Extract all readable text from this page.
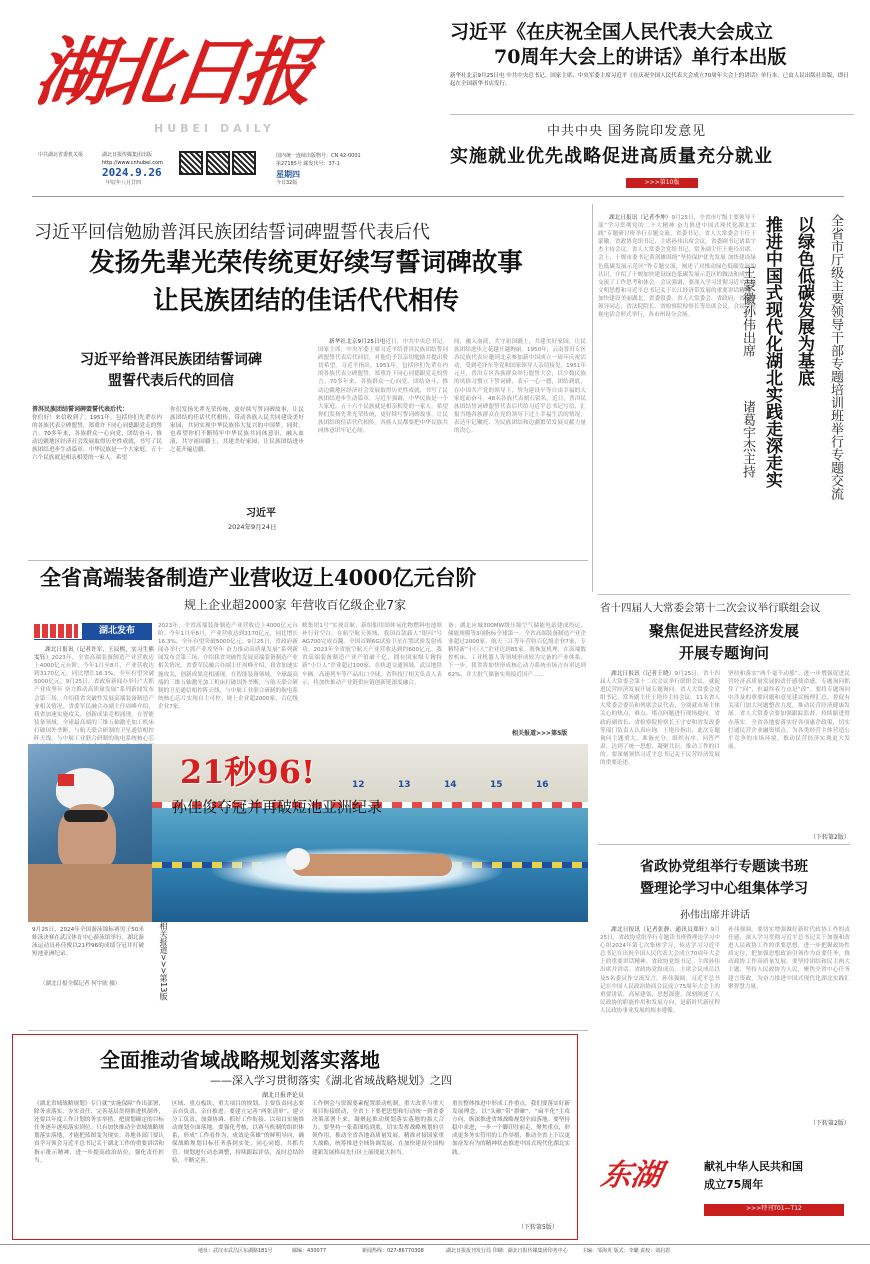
湖北日报
HUBEI DAILY
中共湖北省委机关报	湖北日报传媒集团出版
http://www.cnhubei.com
2024.9.26
甲辰年八月廿四
国内统一连续出版物号：CN 42-0001
第27185号 邮发代号：37-1
星期四
今日32版
习近平《在庆祝全国人民代表大会成立
70周年大会上的讲话》单行本出版
新华社北京9月25日电 中共中央总书记、国家主席、中央军委主席习近平《在庆祝全国人民代表大会成立70周年大会上的讲话》单行本，已由人民出版社出版，即日起在全国新华书店发行。
中共中央 国务院印发意见
实施就业优先战略促进高质量充分就业
>>>第10版
习近平回信勉励普洱民族团结誓词碑盟誓代表后代
发扬先辈光荣传统更好续写誓词碑故事
让民族团结的佳话代代相传
习近平给普洱民族团结誓词碑
盟誓代表后代的回信
普洱民族团结誓词碑盟誓代表后代：
你们好！来信收到了。1951年，包括你们先辈在内的各族代表立碑盟誓，郑重许下同心同德跟党走的誓言。70多年来，各族群众一心向党、团结奋斗，推动边疆地区经济社会发展取得历史性成就，书写了民族团结进步生动篇章。中华民族是一个大家庭，五十六个民族就是相亲相爱的一家人。希望
你们发扬先辈光荣传统，更好续写誓词碑故事，让民族团结的佳话代代相传，带动各族人民共同建设美好家园，共同实现中华民族伟大复兴的中国梦。同时，也希望你们不断铸牢中华民族共同体意识，融入血液，共守祖国疆土，共建美好家园，让民族团结进步之花开遍边疆。
习近平
2024年9月24日

新华社北京9月25日电近日，中共中央总书记、国家主席、中央军委主席习近平给普洱民族团结誓词碑盟誓代表后代回信，对他们予以亲切勉励并提出殷切希望。习近平指出，1951年，包括你们先辈在内的各族代表立碑盟誓，郑重许下同心同德跟党走的誓言。70多年来，各族群众一心向党、团结奋斗，推动边疆地区经济社会发展取得历史性成就，书写了民族团结进步生动篇章。习近平强调，中华民族是一个大家庭，五十六个民族就是相亲相爱的一家人。希望你们发扬先辈光荣传统，更好续写誓词碑故事，让民族团结的佳话代代相传。各族人民都要把中华民族共同体意识牢记心间。

间，融入血液，共守祖国疆土，共建美好家园，让民族团结进步之花越开越绚丽。1950年，云南普洱专区各民族代表应邀到北京参加新中国成立一周年庆祝活动，受到毛泽东等党和国家领导人亲切接见。1951年元旦，普洱专区各族群众举行盟誓大会，以少数民族的风俗习惯立下誓词碑，表示一心一德，团结到底，在中国共产党的领导下，誓为建设平等自由幸福的大家庭而奋斗。48名各族代表刻石留名。近日，普洱民族团结誓词碑盟誓代表后代给习近平总书记写信，汇报当地各族群众在党的领导下过上幸福生活的情况，表达牢记嘱托、为民族团结和边疆繁荣发展贡献力量的决心。

湖北日报讯（记者李坤）9月25日，全省市厅级主要领导干部“学习贯彻党的二十大精神 奋力推进中国式现代化湖北实践”专题研讨班举行专题交流。省委书记、省人大常委会主任王蒙徽，省政协党组书记、主席孙伟出席会议。省委副书记诸葛宇杰主持会议。省人大常委会党组书记、常务副主任王艳玲出席。会上，十堰市委书记黄剑雄围绕“坚持保护优先发展 加快建设绿色低碳发展示范区”作专题交流，阐述了对推动绿色低碳发展的认识，介绍了十堰加快建设绿色低碳发展示范区的做法和成效，交流了工作思考和体会。会议强调，要深入学习贯彻习近平生态文明思想和习近平总书记关于长江经济带发展的重要讲话精神，加快建设美丽湖北。省委常委、省人大常委会、省政府、省政协领导同志，省法院院长、省检察院检察长等出席会议。会议以电视电话会形式举行，各市州设分会场。	全省市厅级主要领导干部专题培训班举行专题交流
以绿色低碳发展为基底
推进中国式现代化湖北实践走深走实
王蒙徽孙伟出席
诸葛宇杰主持
全省高端装备制造产业营收迈上4000亿元台阶
规上企业超2000家 年营收百亿级企业7家
湖北发布

湖北日报讯（记者许军、王辰熙，实习生熊雯钰）2023年，全省高端装备制造产业营收迈上4000亿元台阶。今年1月至8月，产业营收达到3170亿元，同比增长16.3%，全年有望突破5000亿元。9月25日，省政府新闻办举行“大抓产业攻坚年 奋力推动高质量发展”系列新闻发布会第三场，介绍我省突破性发展高端装备制造产业相关情况。省委军民融合办副主任周峰介绍，我省加速实施攻关，创新成果竞相涌现。在智能装备领域，全球最高端的三维五轴激光加工机床打破国外垄断，与航天联合研制的卫星通信相控阵天线、与中航工业联合研制的航电系统核心芯

2023年，全省高端装备制造产业营收迈上4000亿元台阶。今年1月至8月，产业营收达到3170亿元，同比增长16.3%，全年有望突破5000亿元。9月25日，省政府新闻办举行“大抓产业攻坚年 奋力推动高质量发展”系列新闻发布会第三场，介绍我省突破性发展高端装备制造产业相关情况。省委军民融合办副主任周峰介绍，我省加速实施攻关，创新成果竞相涌现。在智能装备领域，全球最高端的三维五轴激光加工机床打破国外垄断，与航天联合研制的卫星通信相控阵天线、与中航工业联合研制的航电系统核心芯片实现自主可控；规上企业超2000家，百亿级企业7家。
峡集团1号“实现首航；新组船用固体氧化物燃料电池填补行业空白。在航空航天领域，我国首款载人“银河”号AG700完成首翻。全国首颗6G试验卫星在鄂试验发射成功。2023年全省航空航天产业营收达到约600亿元。我省高端装备制造产业产值破千亿，拥有国家级专精特新“小巨人”企业超过100家。在轨道交通领域，武汉地铁车辆、高速列车等产品出口全球。省科技厅相关负责人表示，将加快推动产业链供应链创新链深度融合。
备；湖北应城300MW级压缩空气储能电站建成投运，储能规模等3项指标全球第一。全省高端装备制造产业企业超过2000家，航天三江等年营收百亿级企业7家，专精特新“小巨人”企业达到85家。既恢复机理，在高端数控机床、工业机器人等领域形成较为完备的产业体系。下一步，我省将加快形成核心动力系统市场占有率达到62%，并大批气储备实现接近国产……
相关报道>>>第5版
12	13	14	15	16
21秒96!
孙佳俊夺冠并再破短池亚洲纪录
9月25日，2024年全国游泳锦标赛男子50米蛙泳决赛在武汉体育中心游泳馆举行，湖北游泳运动员孙佳俊以21秒96的成绩夺冠并打破短池亚洲纪录。
（湖北日报全媒记者 何宇欧 摄）	相关报道>>>第13版
全面推动省域战略规划落实落地
——深入学习贯彻落实《湖北省域战略规划》之四
湖北日报评论员
《湖北省域战略规划》专门就“实施保障”作出部署，除务求落实、夯实责任、完善基层贯彻推进机制外，还要以年度工作计划的务实举措，把规划确定的目标任务逐年逐项落实到位。只有加快推动全省域战略规划落实落地，才能把蓝图变为现实。各地各部门要认真学习领会习近平总书记关于湖北工作的重要讲话和指示批示精神，进一步提高政治站位，强化责任担当。
区域、重点板块、重大项目的规划、主要负责同志要亲自负责、亲自推进。要建立完善“两张清单”，建立分工负责、加强协调、抓好工作衔接、以项目实施推动规划全面落地。要强化考核，以赛马机制的组织体系，形成“工作看作为，成效论英雄”的鲜明导向，确保战略规划目标任务落到实处，同心同德，共抓共管。规划进行动态调整，持续跟踪评估，及时总结经验，不断完善。
工作例会与资源要素配置联动机制，重大改革与重大项目衔接联动，全省上下要把思想和行动统一到省委决策部署上来，凝聚起推动规划落实落地的强大合力。要坚持一张蓝图绘到底，切实发挥战略规划的引领作用，推动全省各地高质量发展，精准对接国家重大战略，统筹推进全域协调发展，在加快建设全国构建新发展格局先行区上展现更大担当。
重在整体推进中形成工作重点，我们要落实好新发展理念，以“头雁”带“群雁”，“扁平化”主攻方向，纵深推进省域战略规划全面落地。要坚持稳中求进，一步一个脚印往前走，聚焦重点，形成更多务实管用的工作举措，推动全省上下以更加奋发有为的精神状态推进中国式现代化湖北实践。
（下转第5版）
省十四届人大常委会第十二次会议举行联组会议
聚焦促进民营经济发展
开展专题询问

湖北日报讯（记者王晓）9月25日，省十四届人大常委会第十二次会议举行联组会议，就促进民营经济发展开展专题询问。省人大常委会党组书记、常务副主任王艳玲主持会议。11名省人大常委会委员和列席会议代表，分别就市场主体关心的热点、难点、堵点问题进行现场提问。省政府副省长、省检察院检察长王守安和省发改委等部门负责人认真应询。王艳玲指出，此次专题询问主题重大、准备充分，组织有序、问答严肃，达到了统一思想、凝聚共识、推动工作的目的。要深刻领悟习近平总书记关于民营经济发展的重要论述。

坚持和落实“两个毫不动摇”，进一步增强促进民营经济高质量发展的责任感使命感。专题询问抓住了“问”，但最终着力点是“改”。要将专题询问中涉及的重要问题和意见建议梳理汇总，督促有关部门加大问题整改力度，推动民营经济健康发展。省人大常委会要加强跟踪监督，持续跟进督办落实。全省各地要落实好各项惠企政策，切实打通民营企业融资堵点，为各类经营主体营造公平竞争的市场环境，推动民营经济实现更大发展。
（下转第2版）
省政协党组举行专题读书班
暨理论学习中心组集体学习
孙伟出席并讲话

湖北日报讯（记者张静、通讯员郑轩）9月25日，省政协党组举行专题读书班暨理论学习中心组2024年第七次集体学习，传达学习习近平总书记在庆祝全国人民代表大会成立70周年大会上的重要讲话精神。省政协党组书记、主席孙伟出席并讲话。省政协党组成员、主席会议成员以及5名委员作交流发言。孙伟强调，习近平总书记在中国人民政治协商会议成立75周年大会上的重要讲话，高屋建瓴、思想深邃，深刻阐述了人民政协的职能作用和发展方向，是新时代新征程人民政协事业发展的根本遵循。

孙伟强调，要切实增强做好新时代政协工作的责任感，深入学习贯彻习近平总书记关于加强和改进人民政协工作的重要思想，进一步把握政协性质定位，把加强思想政治引领作为首要任务，推动政协工作高质量发展。要坚持团结和民主两大主题，坚持人民政协为人民，聚焦全省中心任务建言资政，为奋力推进中国式现代化湖北实践汇聚智慧力量。
（下转第2版）
东湖	献礼中华人民共和国
成立75周年
>>>特刊T01—T12
地址：武汉市武昌区东湖路181号	邮编：430077	新闻热线：027-86770308	湖北日报报刊发行局 印刷：湖北日报传媒集团印务中心	主编：邹海英 版式：李璐 责校：刘启恩
